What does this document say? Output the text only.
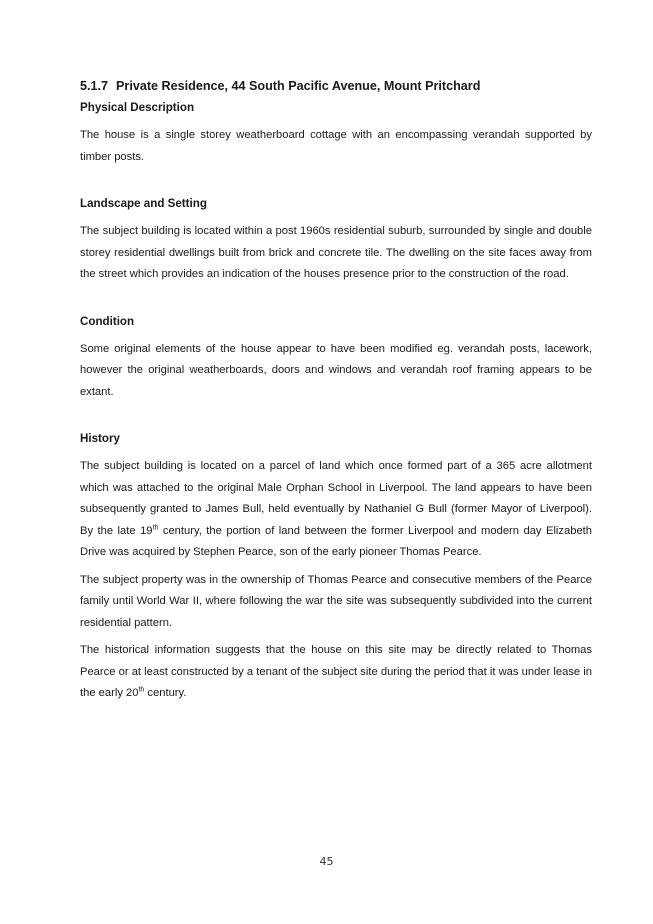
5.1.7 Private Residence, 44 South Pacific Avenue, Mount Pritchard
Physical Description

The house is a single storey weatherboard cottage with an encompassing verandah supported by timber posts.

Landscape and Setting

The subject building is located within a post 1960s residential suburb, surrounded by single and double storey residential dwellings built from brick and concrete tile. The dwelling on the site faces away from the street which provides an indication of the houses presence prior to the construction of the road.

Condition

Some original elements of the house appear to have been modified eg. verandah posts, lacework, however the original weatherboards, doors and windows and verandah roof framing appears to be extant.

History

The subject building is located on a parcel of land which once formed part of a 365 acre allotment which was attached to the original Male Orphan School in Liverpool. The land appears to have been subsequently granted to James Bull, held eventually by Nathaniel G Bull (former Mayor of Liverpool). By the late 19th century, the portion of land between the former Liverpool and modern day Elizabeth Drive was acquired by Stephen Pearce, son of the early pioneer Thomas Pearce.

The subject property was in the ownership of Thomas Pearce and consecutive members of the Pearce family until World War II, where following the war the site was subsequently subdivided into the current residential pattern.

The historical information suggests that the house on this site may be directly related to Thomas Pearce or at least constructed by a tenant of the subject site during the period that it was under lease in the early 20th century.

45
